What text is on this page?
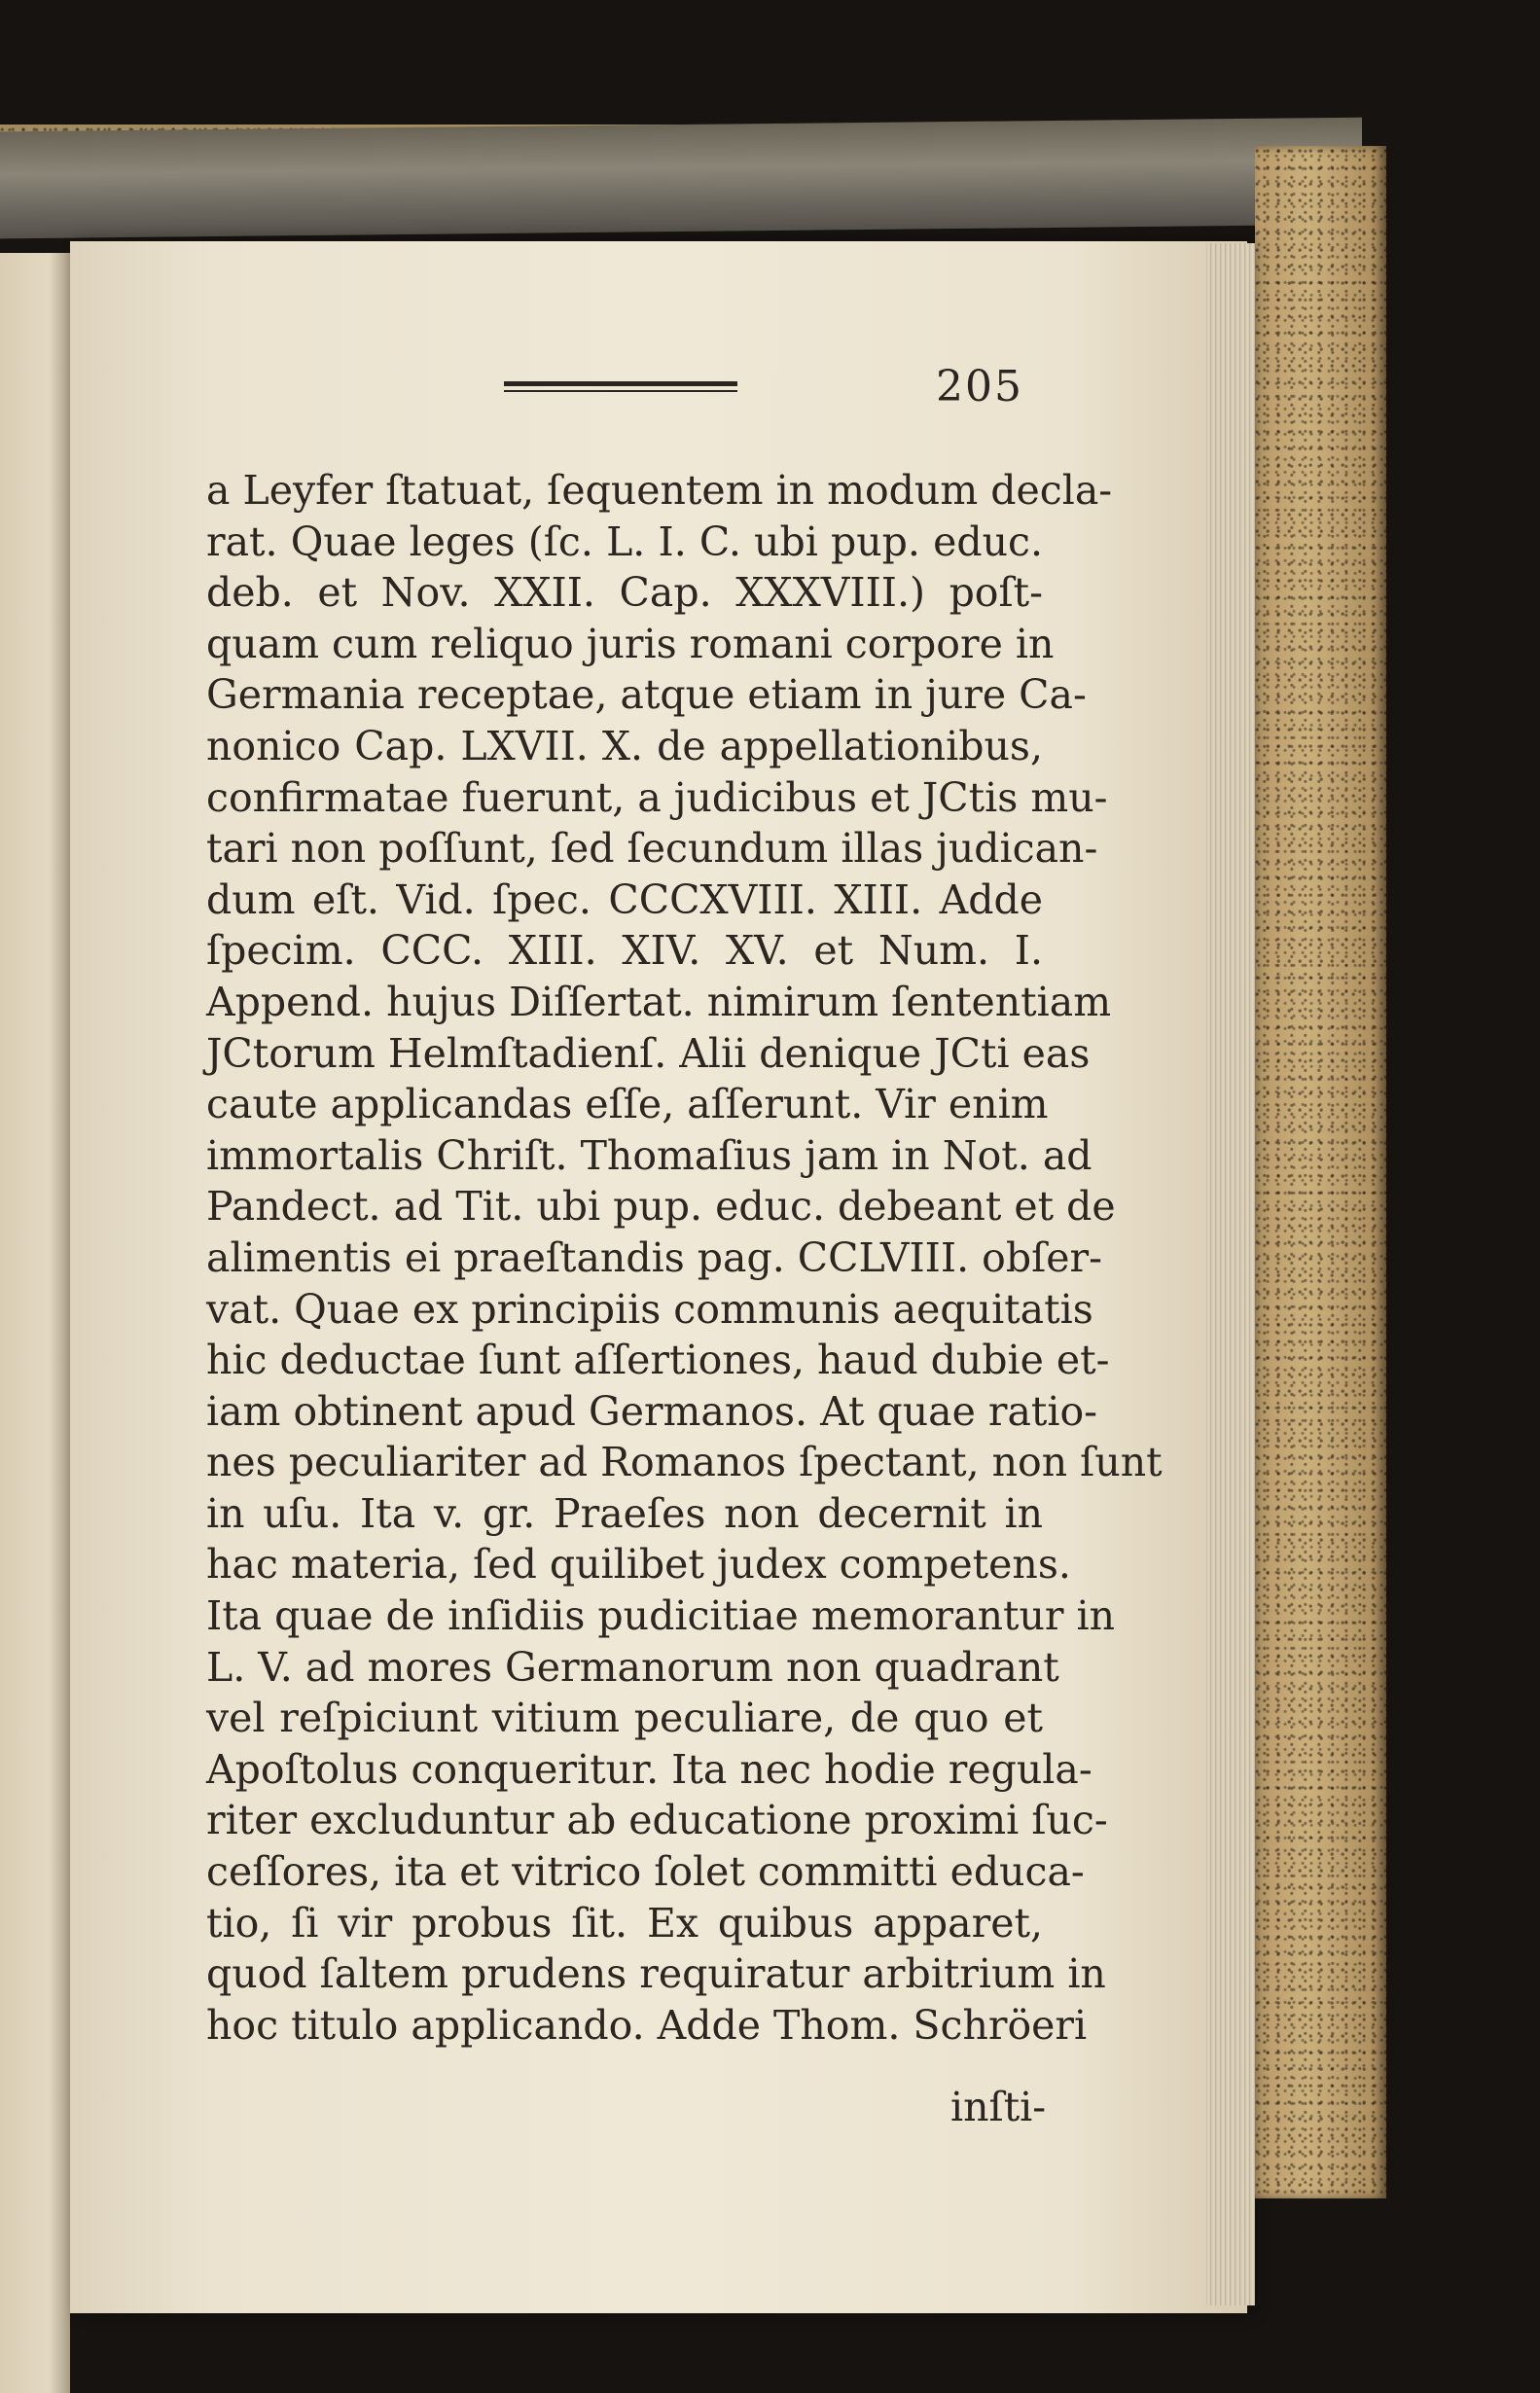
205
a Leyfer ſtatuat, ſequentem in modum decla-
rat. Quae leges (ſc. L. I. C. ubi pup. educ.
deb. et Nov. XXII. Cap. XXXVIII.) poſt-
quam cum reliquo juris romani corpore in
Germania receptae, atque etiam in jure Ca-
nonico Cap. LXVII. X. de appellationibus,
confirmatae fuerunt, a judicibus et JCtis mu-
tari non poſſunt, ſed ſecundum illas judican-
dum eſt. Vid. ſpec. CCCXVIII. XIII. Adde
ſpecim. CCC. XIII. XIV. XV. et Num. I.
Append. hujus Diſſertat. nimirum ſententiam
JCtorum Helmſtadienſ. Alii denique JCti eas
caute applicandas eſſe, aſſerunt. Vir enim
immortalis Chriſt. Thomaſius jam in Not. ad
Pandect. ad Tit. ubi pup. educ. debeant et de
alimentis ei praeſtandis pag. CCLVIII. obſer-
vat. Quae ex principiis communis aequitatis
hic deductae ſunt aſſertiones, haud dubie et-
iam obtinent apud Germanos. At quae ratio-
nes peculiariter ad Romanos ſpectant, non ſunt
in uſu. Ita v. gr. Praeſes non decernit in
hac materia, ſed quilibet judex competens.
Ita quae de inſidiis pudicitiae memorantur in
L. V. ad mores Germanorum non quadrant
vel reſpiciunt vitium peculiare, de quo et
Apoſtolus conqueritur. Ita nec hodie regula-
riter excluduntur ab educatione proximi ſuc-
ceſſores, ita et vitrico ſolet committi educa-
tio, ſi vir probus ſit. Ex quibus apparet,
quod ſaltem prudens requiratur arbitrium in
hoc titulo applicando. Adde Thom. Schröeri
inſti-
